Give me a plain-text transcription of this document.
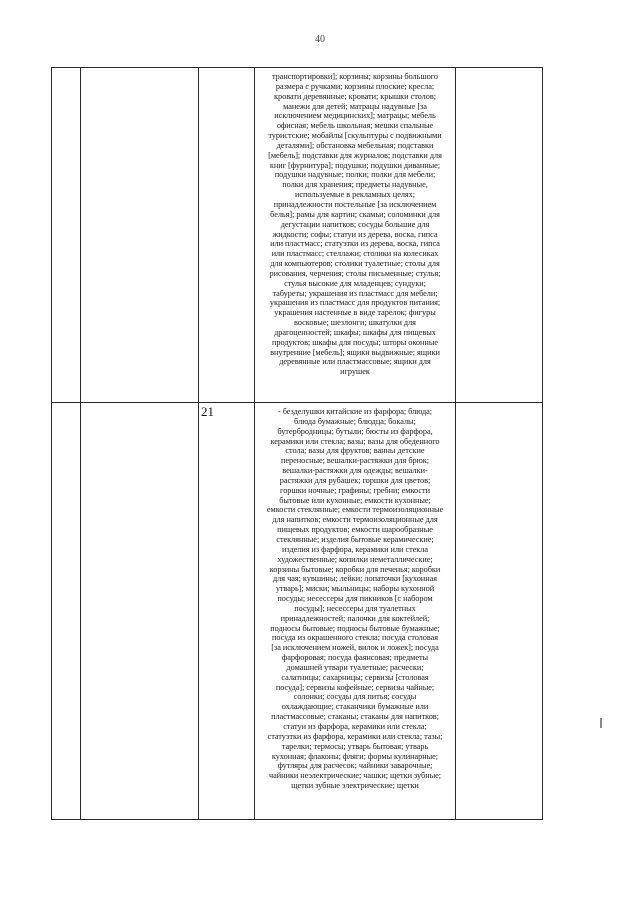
40
транспортировки]; корзины; корзины большого
размера с ручками; корзины плоские; кресла;
кровати деревянные; кровати; крышки столов;
манежи для детей; матрацы надувные [за
исключением медицинских]; матрацы; мебель
офисная; мебель школьная; мешки спальные
туристские; мобайлы [скульптуры с подвижными
деталями]; обстановка мебельная; подставки
[мебель]; подставки для журналов; подставки для
книг [фурнитура]; подушки; подушки диванные;
подушки надувные; полки; полки для мебели;
полки для хранения; предметы надувные,
используемые в рекламных целях;
принадлежности постельные [за исключением
белья]; рамы для картин; скамьи; соломинки для
дегустации напитков; сосуды большие для
жидкости; софы; статуи из дерева, воска, гипса
или пластмасс; статуэтки из дерева, воска, гипса
или пластмасс; стеллажи; столики на колесиках
для компьютеров; столики туалетные; столы для
рисования, черчения; столы письменные; стулья;
стулья высокие для младенцев; сундуки;
табуреты; украшения из пластмасс для мебели;
украшения из пластмасс для продуктов питания;
украшения настенные в виде тарелок; фигуры
восковые; шезлонги; шкатулки для
драгоценностей; шкафы; шкафы для пищевых
продуктов; шкафы для посуды; шторы оконные
внутренние [мебель]; ящики выдвижные; ящики
деревянные или пластмассовые; ящики для
игрушек
- безделушки китайские из фарфора; блюда;
блюда бумажные; блюдца; бокалы;
бутербродницы; бутыли; бюсты из фарфора,
керамики или стекла; вазы; вазы для обеденного
стола; вазы для фруктов; ванны детские
переносные; вешалки-растяжки для брюк;
вешалки-растяжки для одежды; вешалки-
растяжки для рубашек; горшки для цветов;
горшки ночные; графины; гребни; емкости
бытовые или кухонные; емкости кухонные;
емкости стеклянные; емкости термоизоляционные
для напитков; емкости термоизоляционные для
пищевых продуктов; емкости шарообразные
стеклянные; изделия бытовые керамические;
изделия из фарфора, керамики или стекла
художественные; копилки неметаллические;
корзины бытовые; коробки для печенья; коробки
для чая; кувшины; лейки; лопаточки [кухонная
утварь]; миски; мыльницы; наборы кухонной
посуды; несессеры для пикников [с набором
посуды]; несессеры для туалетных
принадлежностей; палочки для коктейлей;
подносы бытовые; подносы бытовые бумажные;
посуда из окрашенного стекла; посуда столовая
[за исключением ножей, вилок и ложек]; посуда
фарфоровая; посуда фаянсовая; предметы
домашней утвари туалетные; расчески;
салатницы; сахарницы; сервизы [столовая
посуда]; сервизы кофейные; сервизы чайные;
солонки; сосуды для питья; сосуды
охлаждающие; стаканчики бумажные или
пластмассовые; стаканы; стаканы для напитков;
статуи из фарфора, керамики или стекла;
статуэтки из фарфора, керамики или стекла; тазы;
тарелки; термосы; утварь бытовая; утварь
кухонная; флаконы; фляги; формы кулинарные;
футляры для расчесок; чайники заварочные;
чайники неэлектрические; чашки; щетки зубные;
щетки зубные электрические; щетки
21
